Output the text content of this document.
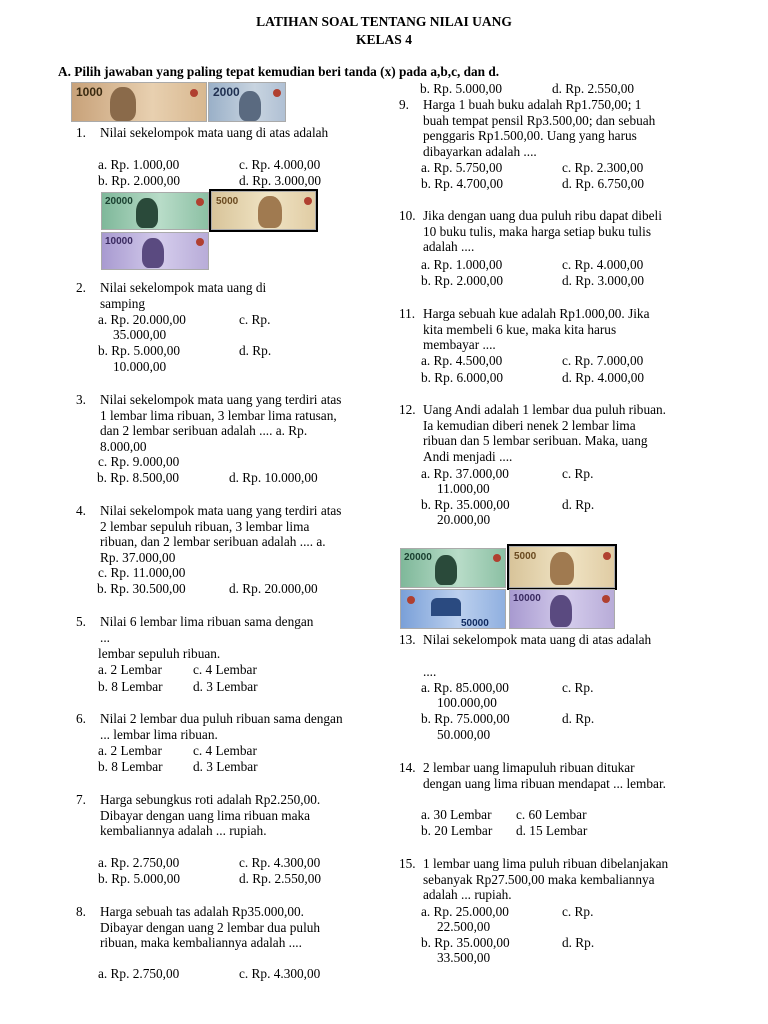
LATIHAN SOAL TENTANG NILAI UANG
KELAS 4
A. Pilih jawaban yang paling tepat kemudian beri tanda (x) pada a,b,c, dan d.
1000	2000
20000	5000
10000
20000	5000
50000
10000
1.	Nilai sekelompok mata uang di atas adalah
a. Rp. 1.000,00	c. Rp. 4.000,00
b. Rp. 2.000,00	d. Rp. 3.000,00
2.	Nilai sekelompok mata uang di samping
a. Rp. 20.000,00	c. Rp.
35.000,00
b. Rp. 5.000,00	d. Rp.
10.000,00
3.	Nilai sekelompok mata uang yang terdiri atas 1 lembar lima ribuan, 3 lembar lima ratusan, dan 2 lembar seribuan adalah .... a. Rp. 8.000,00
c. Rp. 9.000,00
b. Rp. 8.500,00	d. Rp. 10.000,00
4.	Nilai sekelompok mata uang yang terdiri atas 2 lembar sepuluh ribuan, 3 lembar lima ribuan, dan 2 lembar seribuan adalah .... a. Rp. 37.000,00
c. Rp. 11.000,00
b. Rp. 30.500,00	d. Rp. 20.000,00
5.	Nilai 6 lembar lima ribuan sama dengan ...
lembar sepuluh ribuan.
a. 2 Lembar c. 4 Lembar
b. 8 Lembar d. 3 Lembar
6.	Nilai 2 lembar dua puluh ribuan sama dengan ... lembar lima ribuan.
a. 2 Lembar c. 4 Lembar
b. 8 Lembar d. 3 Lembar
7.	Harga sebungkus roti adalah Rp2.250,00. Dibayar dengan uang lima ribuan maka kembaliannya adalah ... rupiah.
a. Rp. 2.750,00	c. Rp. 4.300,00
b. Rp. 5.000,00	d. Rp. 2.550,00
8.	Harga sebuah tas adalah Rp35.000,00. Dibayar dengan uang 2 lembar dua puluh ribuan, maka kembaliannya adalah ....
a. Rp. 2.750,00	c. Rp. 4.300,00
b. Rp. 5.000,00	d. Rp. 2.550,00
9.	Harga 1 buah buku adalah Rp1.750,00; 1 buah tempat pensil Rp3.500,00; dan sebuah penggaris Rp1.500,00. Uang yang harus dibayarkan adalah ....
a. Rp. 5.750,00	c. Rp. 2.300,00
b. Rp. 4.700,00	d. Rp. 6.750,00
10. Jika dengan uang dua puluh ribu dapat dibeli 10 buku tulis, maka harga setiap buku tulis adalah ....
a. Rp. 1.000,00	c. Rp. 4.000,00
b. Rp. 2.000,00	d. Rp. 3.000,00
11. Harga sebuah kue adalah Rp1.000,00. Jika kita membeli 6 kue, maka kita harus membayar ....
a. Rp. 4.500,00	c. Rp. 7.000,00
b. Rp. 6.000,00	d. Rp. 4.000,00
12. Uang Andi adalah 1 lembar dua puluh ribuan. Ia kemudian diberi nenek 2 lembar lima ribuan dan 5 lembar seribuan. Maka, uang Andi menjadi ....
a. Rp. 37.000,00	c. Rp.
11.000,00
b. Rp. 35.000,00	d. Rp.
20.000,00
13. Nilai sekelompok mata uang di atas adalah
....
a. Rp. 85.000,00	c. Rp.
100.000,00
b. Rp. 75.000,00	d. Rp.
50.000,00
14. 2 lembar uang limapuluh ribuan ditukar dengan uang lima ribuan mendapat ... lembar.
a. 30 Lembar c. 60 Lembar
b. 20 Lembar d. 15 Lembar
15. 1 lembar uang lima puluh ribuan dibelanjakan sebanyak Rp27.500,00 maka kembaliannya adalah ... rupiah.
a. Rp. 25.000,00	c. Rp.
22.500,00
b. Rp. 35.000,00	d. Rp.
33.500,00
